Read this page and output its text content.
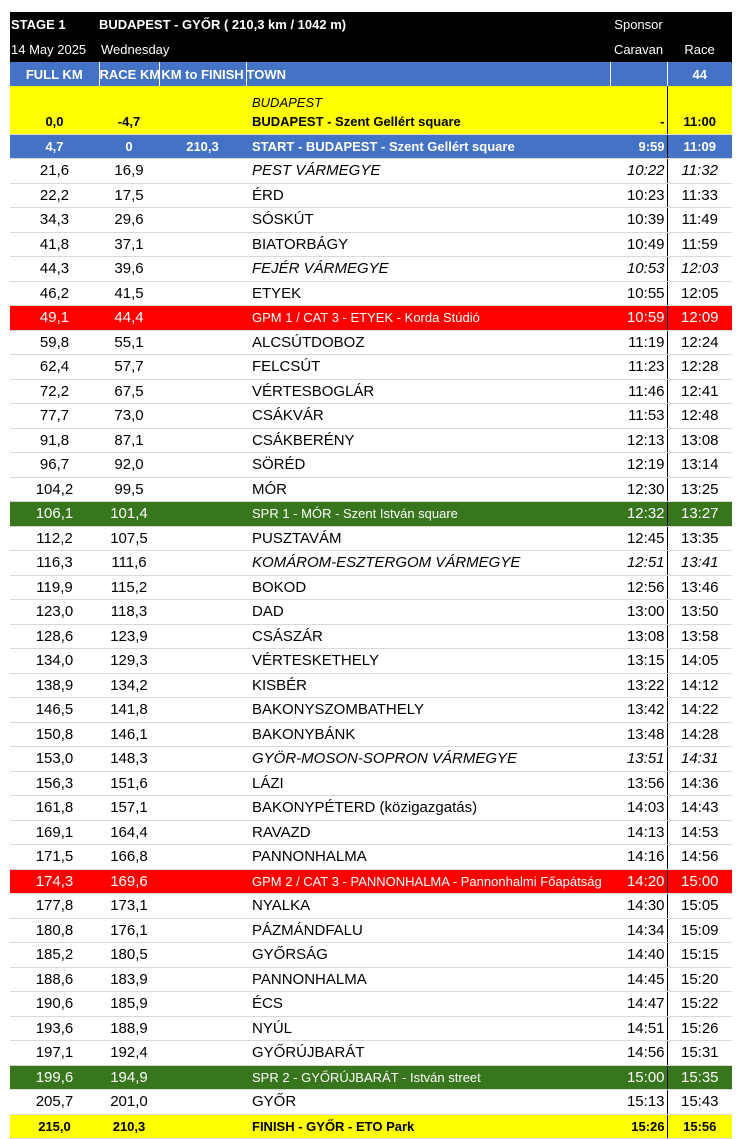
STAGE 1	BUDAPEST - GYŐR ( 210,3 km / 1042 m)			Sponsor	
14 May 2025		Wednesday		Caravan	Race
FULL KM	RACE KM	KM to FINISH	TOWN		44
			BUDAPEST		
0,0	-4,7		BUDAPEST - Szent Gellért square	-	11:00
4,7	0	210,3	START - BUDAPEST - Szent Gellért square	9:59	11:09
21,6	16,9		PEST VÁRMEGYE	10:22	11:32
22,2	17,5		ÉRD	10:23	11:33
34,3	29,6		SÓSKÚT	10:39	11:49
41,8	37,1		BIATORBÁGY	10:49	11:59
44,3	39,6		FEJÉR VÁRMEGYE	10:53	12:03
46,2	41,5		ETYEK	10:55	12:05
49,1	44,4		GPM 1 / CAT 3 - ETYEK - Korda Stúdió	10:59	12:09
59,8	55,1		ALCSÚTDOBOZ	11:19	12:24
62,4	57,7		FELCSÚT	11:23	12:28
72,2	67,5		VÉRTESBOGLÁR	11:46	12:41
77,7	73,0		CSÁKVÁR	11:53	12:48
91,8	87,1		CSÁKBERÉNY	12:13	13:08
96,7	92,0		SÖRÉD	12:19	13:14
104,2	99,5		MÓR	12:30	13:25
106,1	101,4		SPR 1 - MÓR - Szent István square	12:32	13:27
112,2	107,5		PUSZTAVÁM	12:45	13:35
116,3	111,6		KOMÁROM-ESZTERGOM VÁRMEGYE	12:51	13:41
119,9	115,2		BOKOD	12:56	13:46
123,0	118,3		DAD	13:00	13:50
128,6	123,9		CSÁSZÁR	13:08	13:58
134,0	129,3		VÉRTESKETHELY	13:15	14:05
138,9	134,2		KISBÉR	13:22	14:12
146,5	141,8		BAKONYSZOMBATHELY	13:42	14:22
150,8	146,1		BAKONYBÁNK	13:48	14:28
153,0	148,3		GYÖR-MOSON-SOPRON VÁRMEGYE	13:51	14:31
156,3	151,6		LÁZI	13:56	14:36
161,8	157,1		BAKONYPÉTERD (közigazgatás)	14:03	14:43
169,1	164,4		RAVAZD	14:13	14:53
171,5	166,8		PANNONHALMA	14:16	14:56
174,3	169,6		GPM 2 / CAT 3 - PANNONHALMA - Pannonhalmi Főapátság	14:20	15:00
177,8	173,1		NYALKA	14:30	15:05
180,8	176,1		PÁZMÁNDFALU	14:34	15:09
185,2	180,5		GYŐRSÁG	14:40	15:15
188,6	183,9		PANNONHALMA	14:45	15:20
190,6	185,9		ÉCS	14:47	15:22
193,6	188,9		NYÚL	14:51	15:26
197,1	192,4		GYŐRÚJBARÁT	14:56	15:31
199,6	194,9		SPR 2 - GYŐRÚJBARÁT - István street	15:00	15:35
205,7	201,0		GYŐR	15:13	15:43
215,0	210,3		FINISH - GYŐR - ETO Park	15:26	15:56
